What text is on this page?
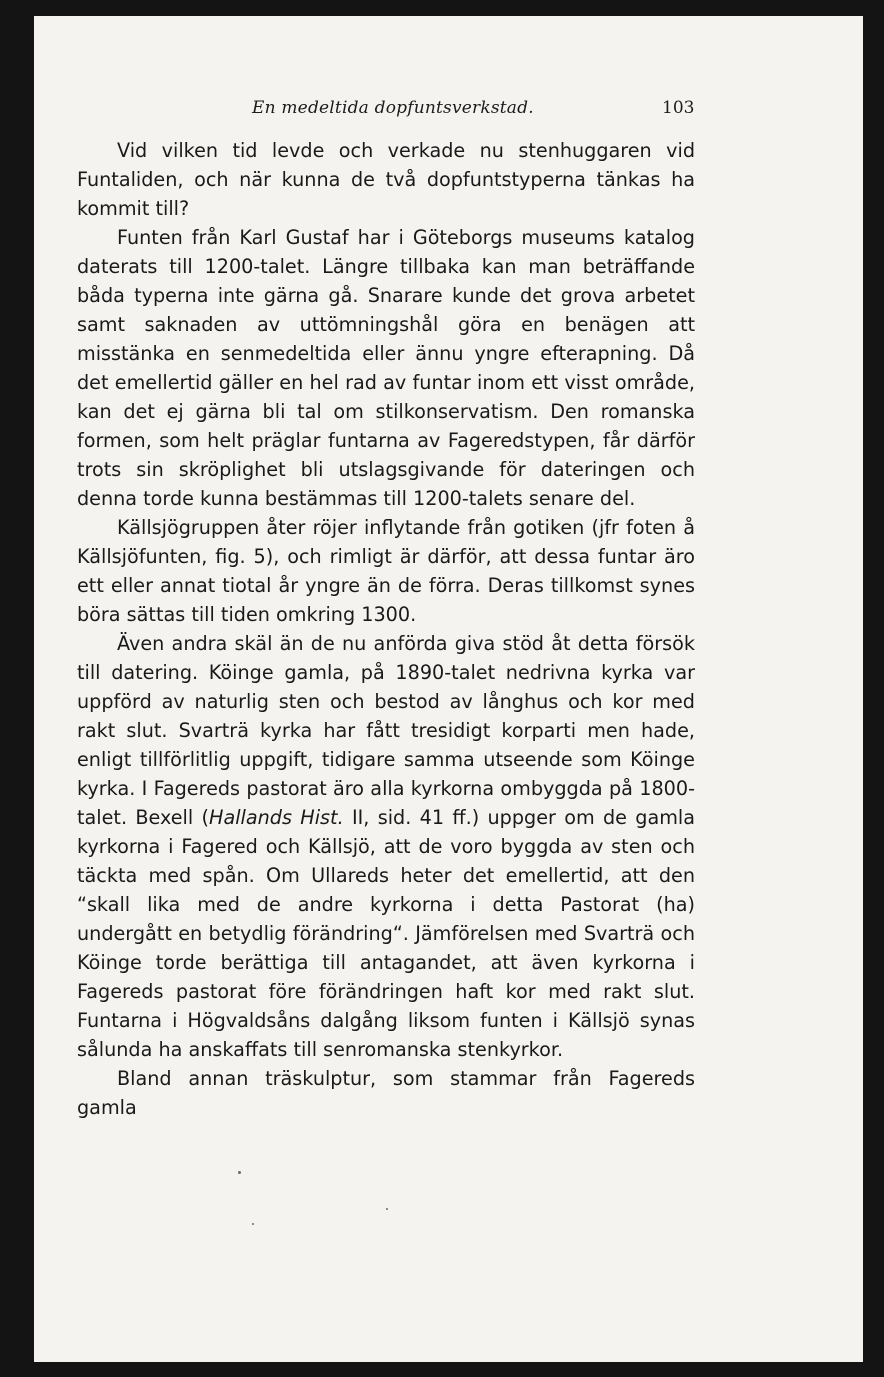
En medeltida dopfuntsverkstad.	103

Vid vilken tid levde och verkade nu stenhuggaren vid Funtaliden, och när kunna de två dopfuntstyperna tänkas ha kommit till?

Funten från Karl Gustaf har i Göteborgs museums katalog daterats till 1200-talet. Längre tillbaka kan man beträffande båda typerna inte gärna gå. Snarare kunde det grova arbetet samt saknaden av uttömningshål göra en benägen att misstänka en senmedeltida eller ännu yngre efterapning. Då det emellertid gäller en hel rad av funtar inom ett visst område, kan det ej gärna bli tal om stilkonservatism. Den romanska formen, som helt präglar funtarna av Fageredstypen, får därför trots sin skröplighet bli utslagsgivande för dateringen och denna torde kunna bestämmas till 1200-talets senare del.

Källsjögruppen åter röjer inflytande från gotiken (jfr foten å Källsjöfunten, fig. 5), och rimligt är därför, att dessa funtar äro ett eller annat tiotal år yngre än de förra. Deras tillkomst synes böra sättas till tiden omkring 1300.

Även andra skäl än de nu anförda giva stöd åt detta försök till datering. Köinge gamla, på 1890-talet nedrivna kyrka var uppförd av naturlig sten och bestod av långhus och kor med rakt slut. Svarträ kyrka har fått tresidigt korparti men hade, enligt tillförlitlig uppgift, tidigare samma utseende som Köinge kyrka. I Fagereds pastorat äro alla kyrkorna ombyggda på 1800-talet. Bexell (Hallands Hist. II, sid. 41 ff.) uppger om de gamla kyrkorna i Fagered och Källsjö, att de voro byggda av sten och täckta med spån. Om Ullareds heter det emellertid, att den “skall lika med de andre kyrkorna i detta Pastorat (ha) undergått en betydlig förändring“. Jämförelsen med Svarträ och Köinge torde berättiga till antagandet, att även kyrkorna i Fagereds pastorat före förändringen haft kor med rakt slut. Funtarna i Högvaldsåns dalgång liksom funten i Källsjö synas sålunda ha anskaffats till senromanska stenkyrkor.

Bland annan träskulptur, som stammar från Fagereds gamla
